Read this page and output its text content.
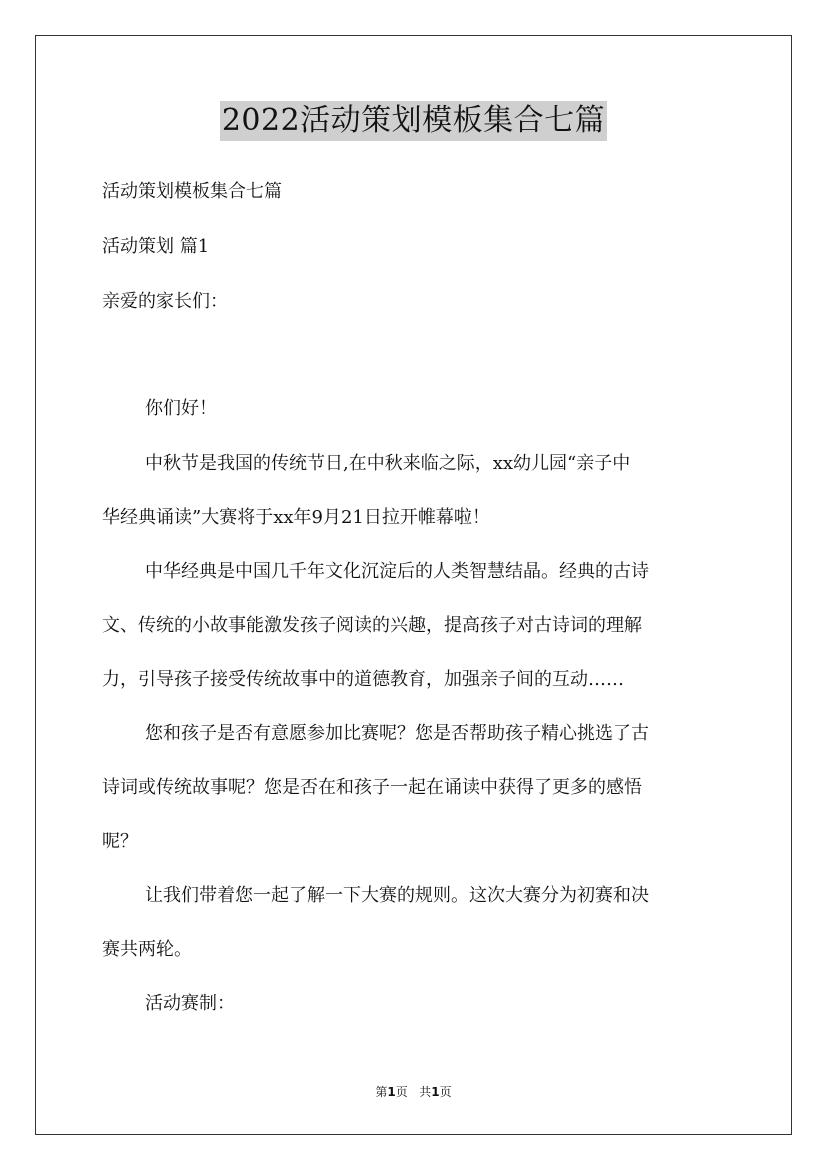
2022活动策划模板集合七篇
活动策划模板集合七篇
活动策划 篇1
亲爱的家长们：
你们好！
中秋节是我国的传统节日,在中秋来临之际，xx幼儿园“亲子中
华经典诵读”大赛将于xx年9月21日拉开帷幕啦！
中华经典是中国几千年文化沉淀后的人类智慧结晶。经典的古诗
文、传统的小故事能激发孩子阅读的兴趣，提高孩子对古诗词的理解
力，引导孩子接受传统故事中的道德教育，加强亲子间的互动……
您和孩子是否有意愿参加比赛呢？您是否帮助孩子精心挑选了古
诗词或传统故事呢？您是否在和孩子一起在诵读中获得了更多的感悟
呢？
让我们带着您一起了解一下大赛的规则。这次大赛分为初赛和决
赛共两轮。
活动赛制：
第1页 共1页
